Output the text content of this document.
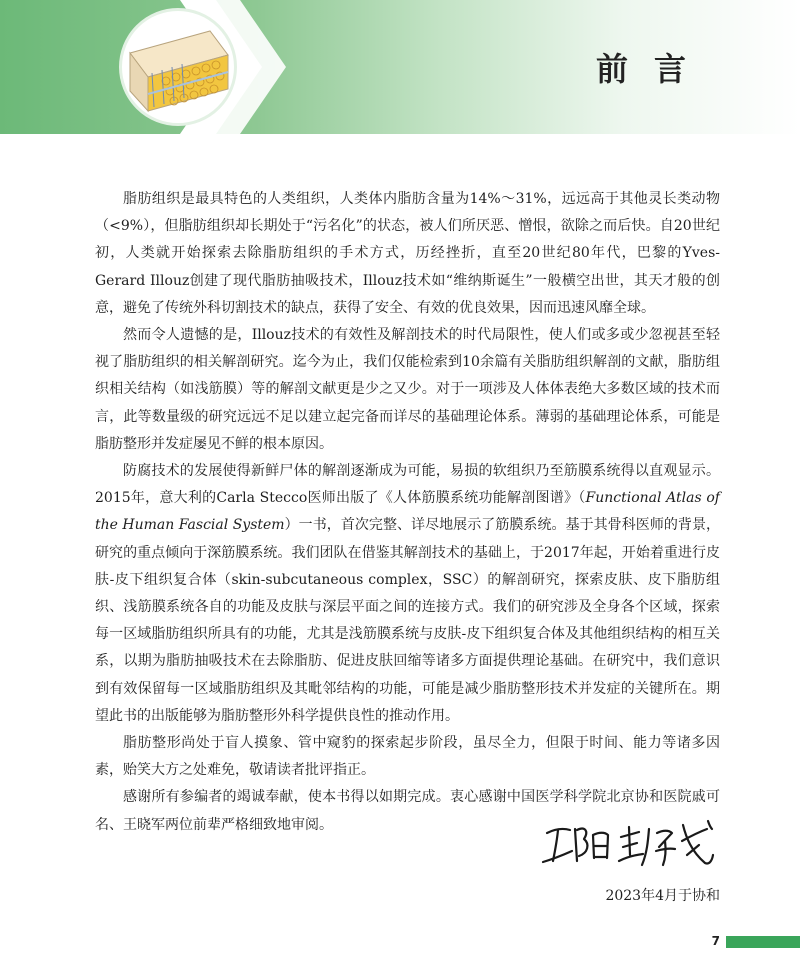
前言

脂肪组织是最具特色的人类组织，人类体内脂肪含量为14%～31%，远远高于其他灵长类动物（<9%），但脂肪组织却长期处于“污名化”的状态，被人们所厌恶、憎恨，欲除之而后快。自20世纪初，人类就开始探索去除脂肪组织的手术方式，历经挫折，直至20世纪80年代，巴黎的Yves-Gerard Illouz创建了现代脂肪抽吸技术，Illouz技术如“维纳斯诞生”一般横空出世，其天才般的创意，避免了传统外科切割技术的缺点，获得了安全、有效的优良效果，因而迅速风靡全球。

然而令人遗憾的是，Illouz技术的有效性及解剖技术的时代局限性，使人们或多或少忽视甚至轻视了脂肪组织的相关解剖研究。迄今为止，我们仅能检索到10余篇有关脂肪组织解剖的文献，脂肪组织相关结构（如浅筋膜）等的解剖文献更是少之又少。对于一项涉及人体体表绝大多数区域的技术而言，此等数量级的研究远远不足以建立起完备而详尽的基础理论体系。薄弱的基础理论体系，可能是脂肪整形并发症屡见不鲜的根本原因。

防腐技术的发展使得新鲜尸体的解剖逐渐成为可能，易损的软组织乃至筋膜系统得以直观显示。2015年，意大利的Carla Stecco医师出版了《人体筋膜系统功能解剖图谱》（Functional Atlas of the Human Fascial System）一书，首次完整、详尽地展示了筋膜系统。基于其骨科医师的背景，研究的重点倾向于深筋膜系统。我们团队在借鉴其解剖技术的基础上，于2017年起，开始着重进行皮肤-皮下组织复合体（skin-subcutaneous complex，SSC）的解剖研究，探索皮肤、皮下脂肪组织、浅筋膜系统各自的功能及皮肤与深层平面之间的连接方式。我们的研究涉及全身各个区域，探索每一区域脂肪组织所具有的功能，尤其是浅筋膜系统与皮肤-皮下组织复合体及其他组织结构的相互关系，以期为脂肪抽吸技术在去除脂肪、促进皮肤回缩等诸多方面提供理论基础。在研究中，我们意识到有效保留每一区域脂肪组织及其毗邻结构的功能，可能是减少脂肪整形技术并发症的关键所在。期望此书的出版能够为脂肪整形外科学提供良性的推动作用。

脂肪整形尚处于盲人摸象、管中窥豹的探索起步阶段，虽尽全力，但限于时间、能力等诸多因素，贻笑大方之处难免，敬请读者批评指正。

感谢所有参编者的竭诚奉献，使本书得以如期完成。衷心感谢中国医学科学院北京协和医院戚可名、王晓军两位前辈严格细致地审阅。

2023年4月于协和
7
